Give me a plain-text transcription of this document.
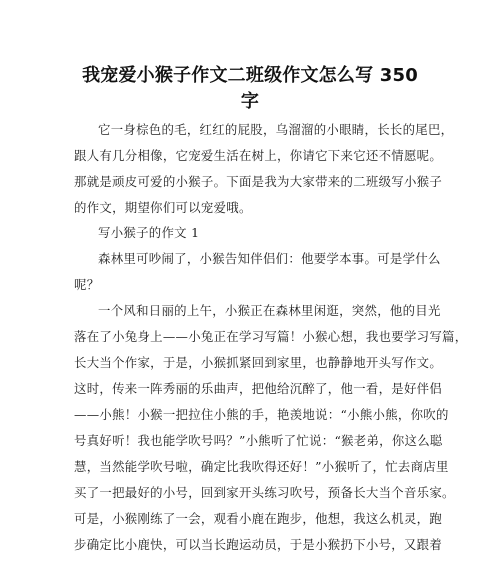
我宠爱小猴子作文二班级作文怎么写 350
字
它一身棕色的毛，红红的屁股，乌溜溜的小眼睛，长长的尾巴，
跟人有几分相像，它宠爱生活在树上，你请它下来它还不情愿呢。
那就是顽皮可爱的小猴子。下面是我为大家带来的二班级写小猴子
的作文，期望你们可以宠爱哦。
写小猴子的作文 1
森林里可吵闹了，小猴告知伴侣们：他要学本事。可是学什么
呢？
一个风和日丽的上午，小猴正在森林里闲逛，突然，他的目光
落在了小兔身上——小兔正在学习写篇！小猴心想，我也要学习写篇，
长大当个作家，于是，小猴抓紧回到家里，也静静地开头写作文。
这时，传来一阵秀丽的乐曲声，把他给沉醉了，他一看，是好伴侣
——小熊！小猴一把拉住小熊的手，艳羡地说：“小熊小熊，你吹的
号真好听！我也能学吹号吗？”小熊听了忙说：“猴老弟，你这么聪
慧，当然能学吹号啦，确定比我吹得还好！”小猴听了，忙去商店里
买了一把最好的小号，回到家开头练习吹号，预备长大当个音乐家。
可是，小猴刚练了一会，观看小鹿在跑步，他想，我这么机灵，跑
步确定比小鹿快，可以当长跑运动员，于是小猴扔下小号，又跟着
